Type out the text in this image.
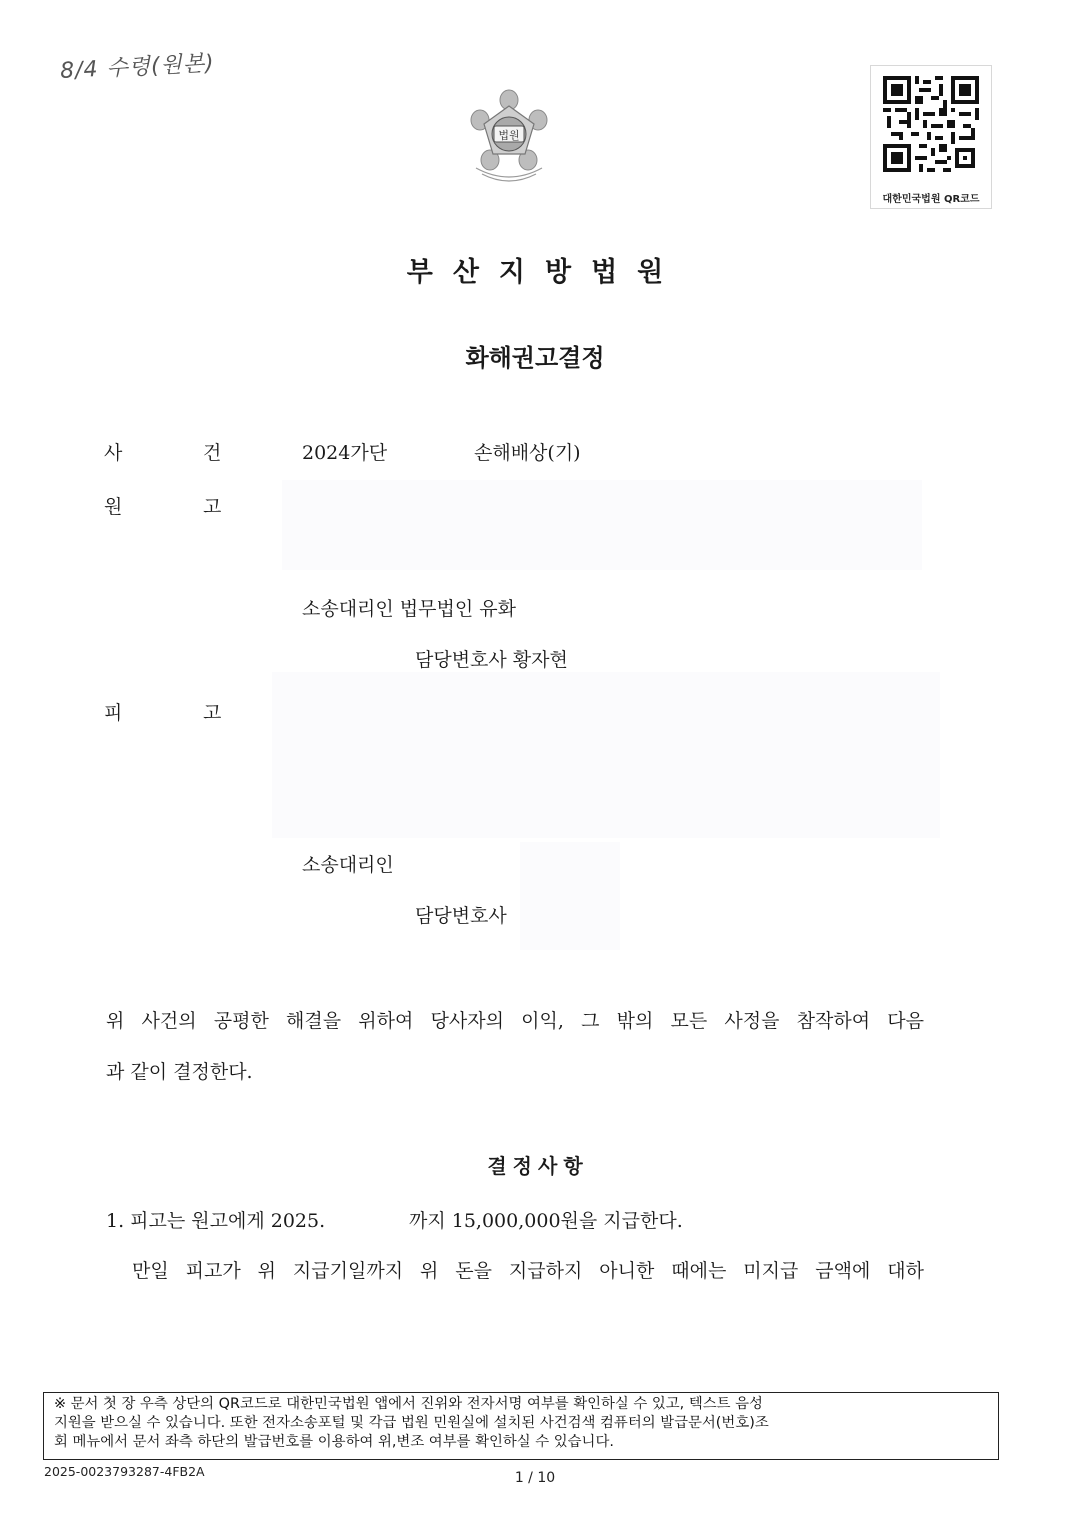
8/4 수령(원본)
법원
대한민국법원 QR코드
부산지방법원
화해권고결정
사	건	2024가단	손해배상(기)
원	고
소송대리인 법무법인 유화
담당변호사 황자현
피	고
소송대리인
담당변호사
위 사건의 공평한 해결을 위하여 당사자의 이익, 그 밖의 모든 사정을 참작하여 다음
과 같이 결정한다.
결정사항
1. 피고는 원고에게 2025.	까지 15,000,000원을 지급한다.
만일 피고가 위 지급기일까지 위 돈을 지급하지 아니한 때에는 미지급 금액에 대하
※ 문서 첫 장 우측 상단의 QR코드로 대한민국법원 앱에서 진위와 전자서명 여부를 확인하실 수 있고, 텍스트 음성
지원을 받으실 수 있습니다. 또한 전자소송포털 및 각급 법원 민원실에 설치된 사건검색 컴퓨터의 발급문서(번호)조
회 메뉴에서 문서 좌측 하단의 발급번호를 이용하여 위,변조 여부를 확인하실 수 있습니다.
2025-0023793287-4FB2A	1 / 10
